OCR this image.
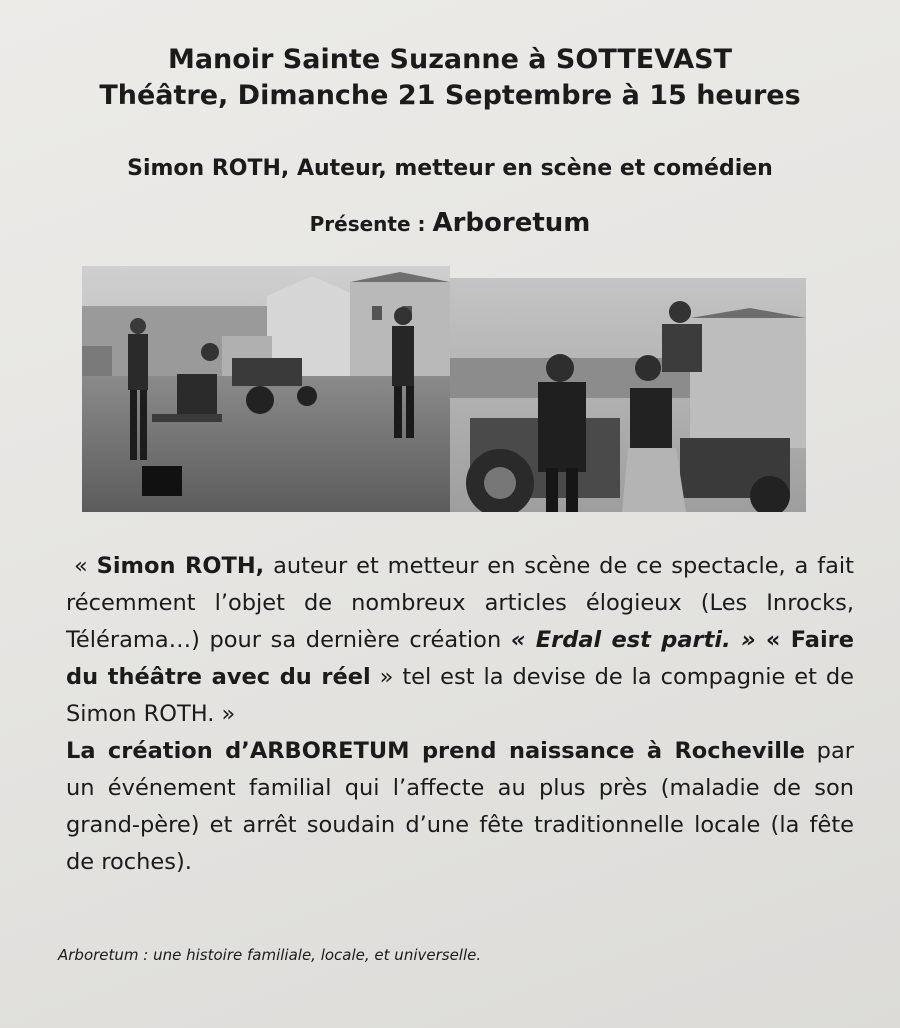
Manoir Sainte Suzanne à SOTTEVAST
Théâtre, Dimanche 21 Septembre à 15 heures
Simon ROTH, Auteur, metteur en scène et comédien
Présente : Arboretum

« Simon ROTH, auteur et metteur en scène de ce spectacle, a fait récemment l’objet de nombreux articles élogieux (Les Inrocks, Télérama…) pour sa dernière création « Erdal est parti. » « Faire du théâtre avec du réel » tel est la devise de la compagnie et de Simon ROTH. »

La création d’ARBORETUM prend naissance à Rocheville par un événement familial qui l’affecte au plus près (maladie de son grand-père) et arrêt soudain d’une fête traditionnelle locale (la fête de roches).

Arboretum : une histoire familiale, locale, et universelle.
